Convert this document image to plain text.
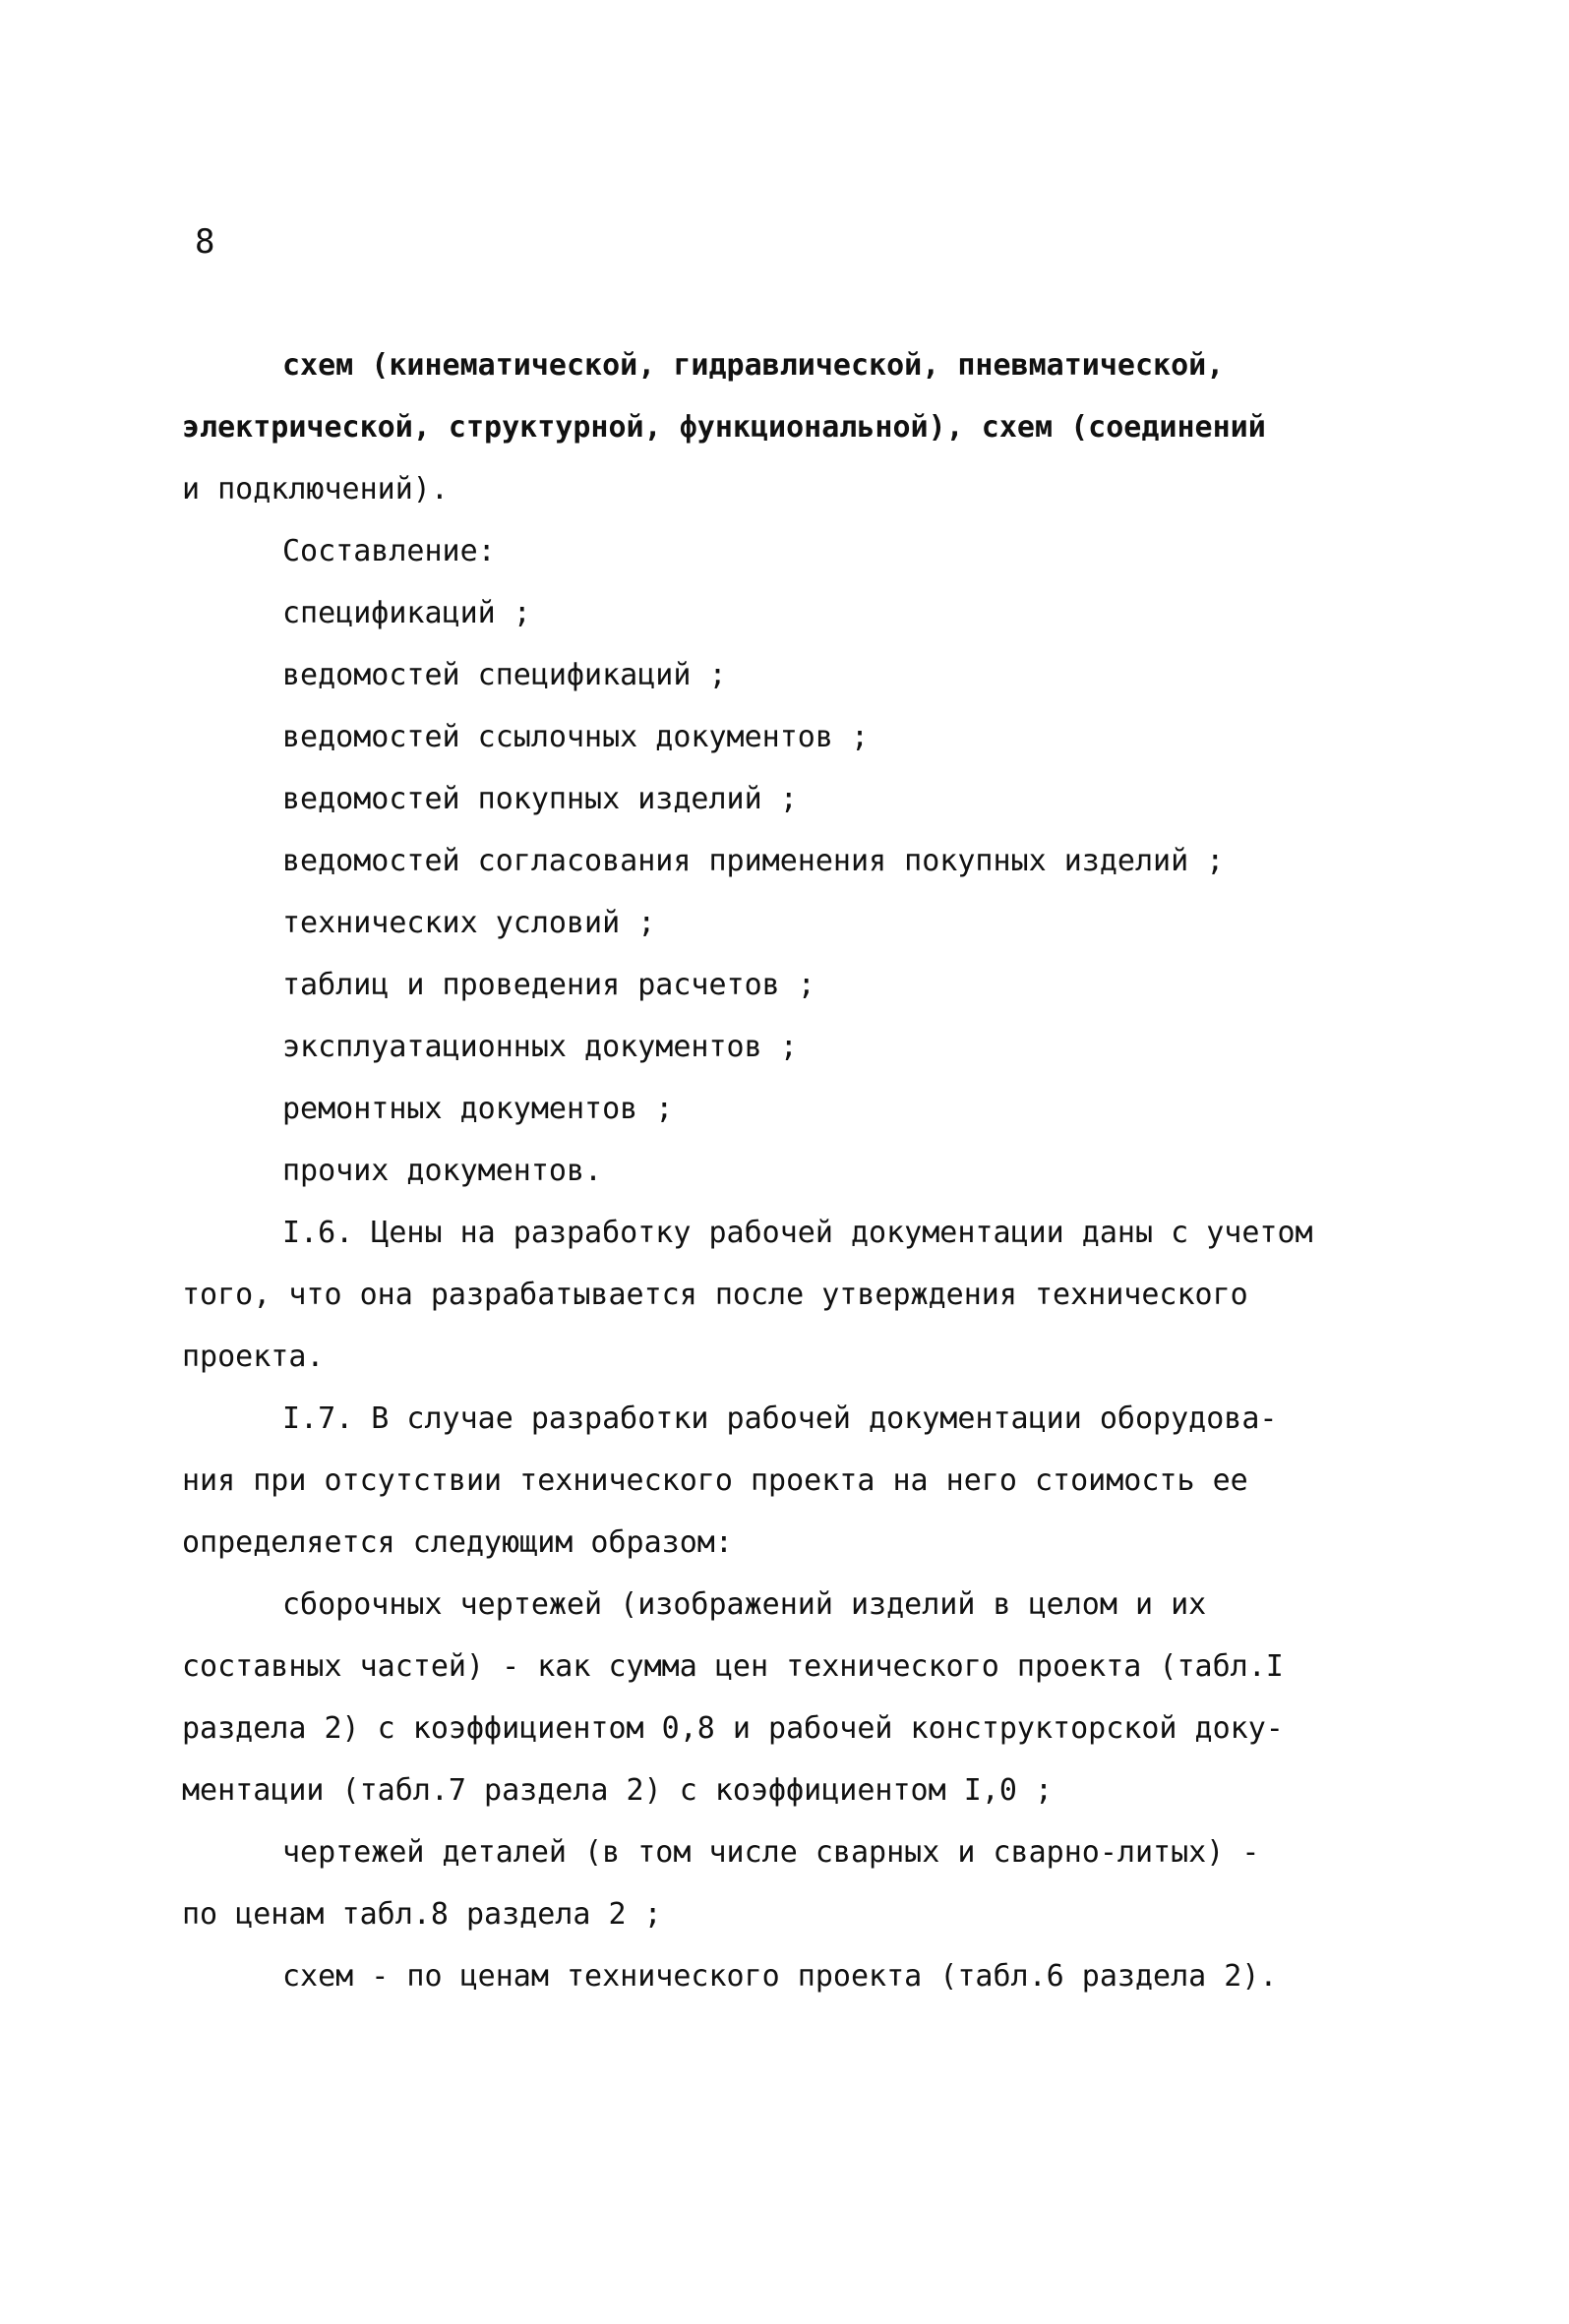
8
схем (кинематической, гидравлической, пневматической,
электрической, структурной, функциональной), схем (соединений
и подключений).
Составление:
спецификаций ;
ведомостей спецификаций ;
ведомостей ссылочных документов ;
ведомостей покупных изделий ;
ведомостей согласования применения покупных изделий ;
технических условий ;
таблиц и проведения расчетов ;
эксплуатационных документов ;
ремонтных документов ;
прочих документов.
I.6. Цены на разработку рабочей документации даны с учетом
того, что она разрабатывается после утверждения технического
проекта.
I.7. В случае разработки рабочей документации оборудова-
ния при отсутствии технического проекта на него стоимость ее
определяется следующим образом:
сборочных чертежей (изображений изделий в целом и их
составных частей) - как сумма цен технического проекта (табл.I
раздела 2) с коэффициентом 0,8 и рабочей конструкторской доку-
ментации (табл.7 раздела 2) с коэффициентом I,0 ;
чертежей деталей (в том числе сварных и сварно-литых) -
по ценам табл.8 раздела 2 ;
схем - по ценам технического проекта (табл.6 раздела 2).
